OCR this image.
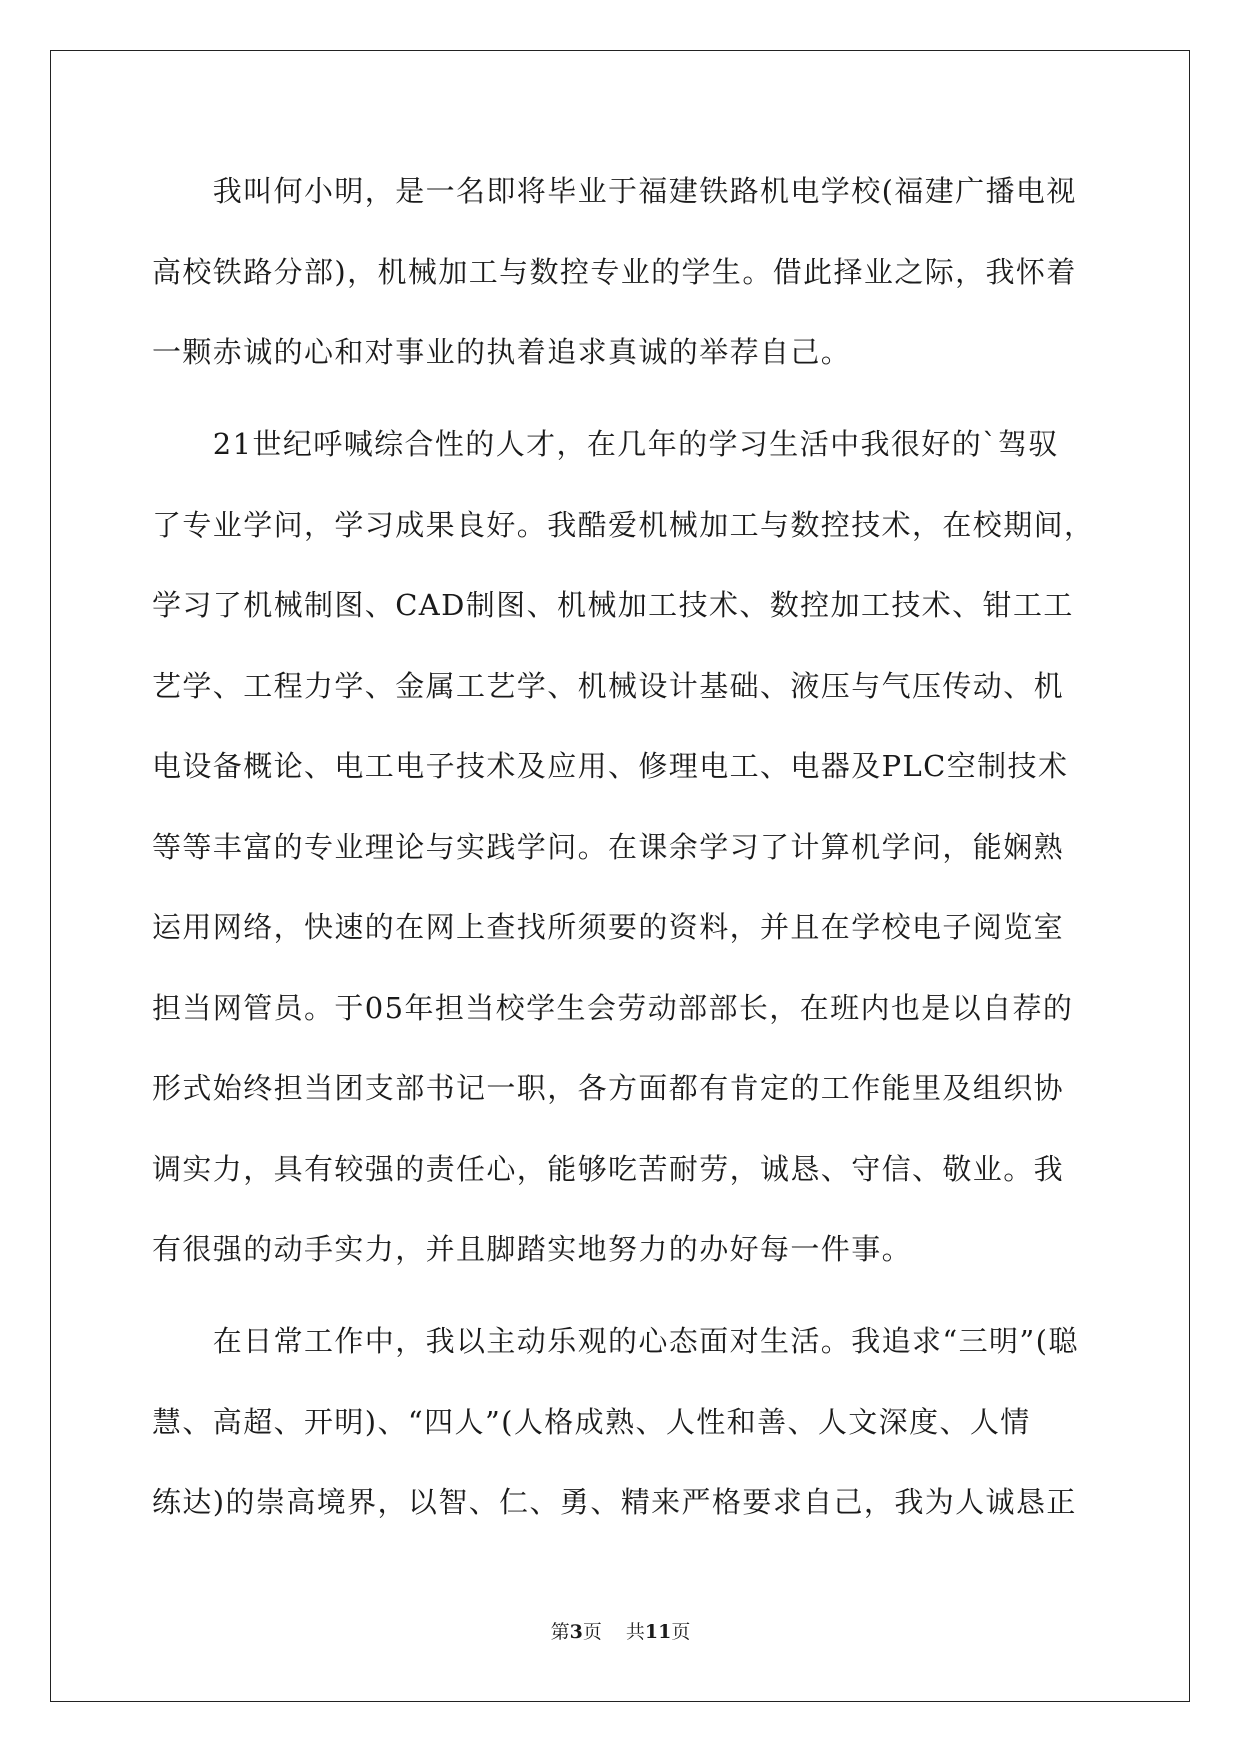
　　我叫何小明，是一名即将毕业于福建铁路机电学校(福建广播电视
高校铁路分部)，机械加工与数控专业的学生。借此择业之际，我怀着
一颗赤诚的心和对事业的执着追求真诚的举荐自己。
　　21世纪呼喊综合性的人才，在几年的学习生活中我很好的`驾驭
了专业学问，学习成果良好。我酷爱机械加工与数控技术，在校期间，
学习了机械制图、CAD制图、机械加工技术、数控加工技术、钳工工
艺学、工程力学、金属工艺学、机械设计基础、液压与气压传动、机
电设备概论、电工电子技术及应用、修理电工、电器及PLC空制技术
等等丰富的专业理论与实践学问。在课余学习了计算机学问，能娴熟
运用网络，快速的在网上查找所须要的资料，并且在学校电子阅览室
担当网管员。于05年担当校学生会劳动部部长，在班内也是以自荐的
形式始终担当团支部书记一职，各方面都有肯定的工作能里及组织协
调实力，具有较强的责任心，能够吃苦耐劳，诚恳、守信、敬业。我
有很强的动手实力，并且脚踏实地努力的办好每一件事。
　　在日常工作中，我以主动乐观的心态面对生活。我追求“三明”(聪
慧、高超、开明)、“四人”(人格成熟、人性和善、人文深度、人情
练达)的崇高境界，以智、仁、勇、精来严格要求自己，我为人诚恳正
第3页 共11页
